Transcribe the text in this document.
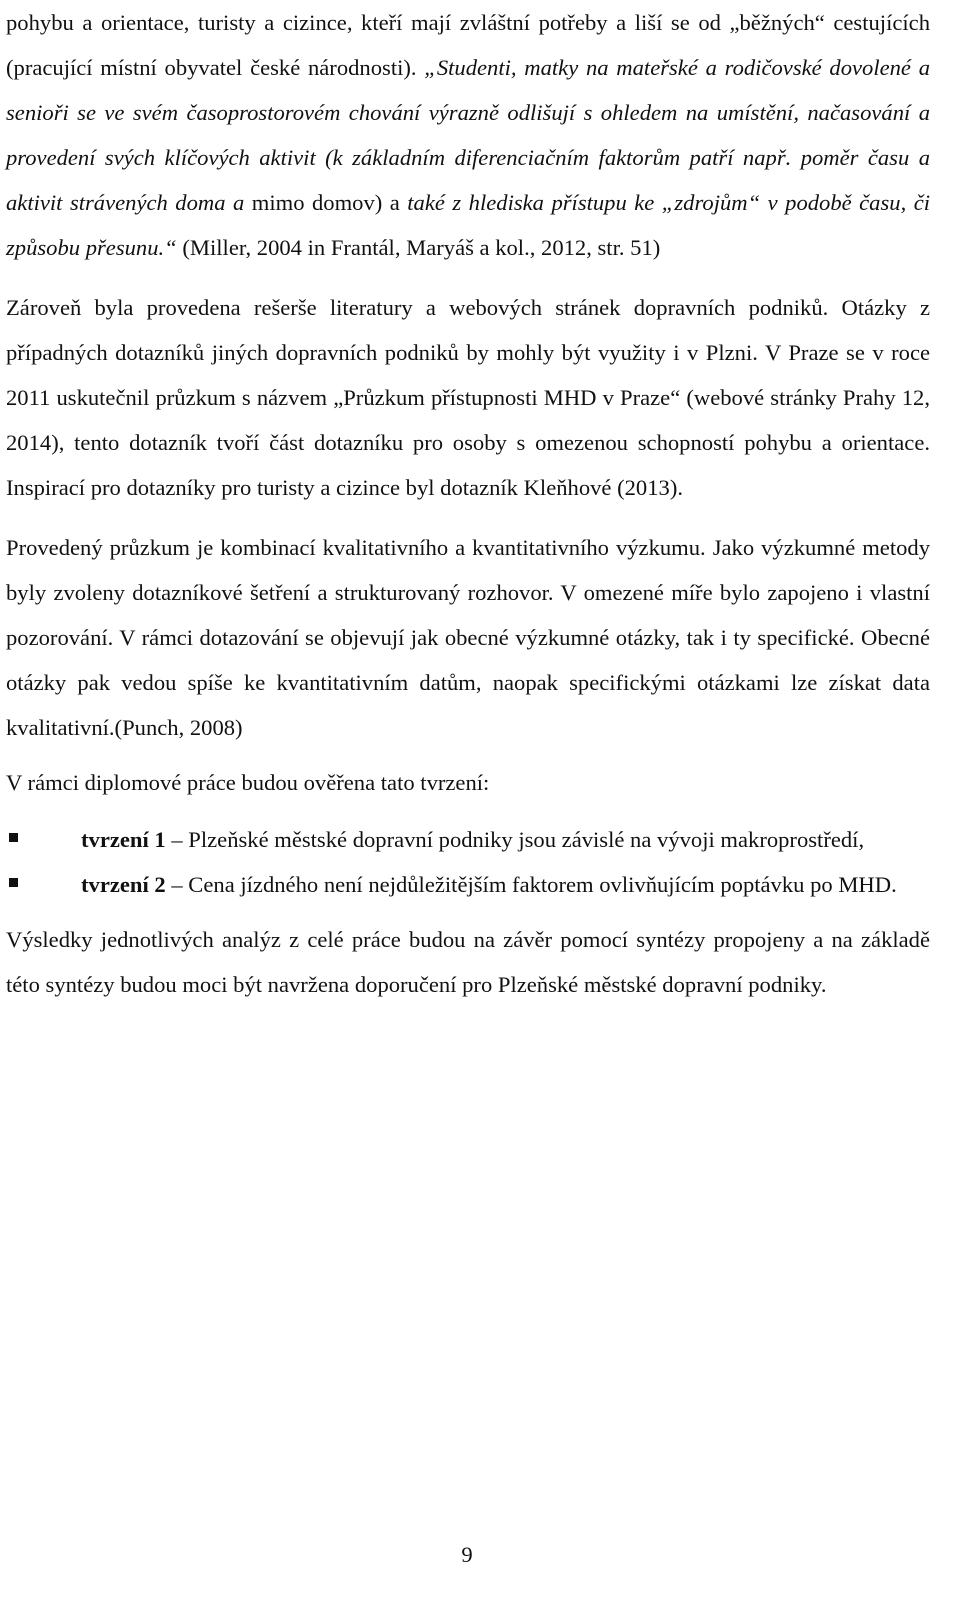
pohybu a orientace, turisty a cizince, kteří mají zvláštní potřeby a liší se od „běžných“ cestujících (pracující místní obyvatel české národnosti). „Studenti, matky na mateřské a rodičovské dovolené a senioři se ve svém časoprostorovém chování výrazně odlišují s ohledem na umístění, načasování a provedení svých klíčových aktivit (k základním diferenciačním faktorům patří např. poměr času a aktivit strávených doma a mimo domov) a také z hlediska přístupu ke „zdrojům“ v podobě času, či způsobu přesunu.“ (Miller, 2004 in Frantál, Maryáš a kol., 2012, str. 51)

Zároveň byla provedena rešerše literatury a webových stránek dopravních podniků. Otázky z případných dotazníků jiných dopravních podniků by mohly být využity i v Plzni. V Praze se v roce 2011 uskutečnil průzkum s názvem „Průzkum přístupnosti MHD v Praze“ (webové stránky Prahy 12, 2014), tento dotazník tvoří část dotazníku pro osoby s omezenou schopností pohybu a orientace. Inspirací pro dotazníky pro turisty a cizince byl dotazník Kleňhové (2013).

Provedený průzkum je kombinací kvalitativního a kvantitativního výzkumu. Jako výzkumné metody byly zvoleny dotazníkové šetření a strukturovaný rozhovor. V omezené míře bylo zapojeno i vlastní pozorování. V rámci dotazování se objevují jak obecné výzkumné otázky, tak i ty specifické. Obecné otázky pak vedou spíše ke kvantitativním datům, naopak specifickými otázkami lze získat data kvalitativní.(Punch, 2008)

V rámci diplomové práce budou ověřena tato tvrzení:

tvrzení 1 – Plzeňské městské dopravní podniky jsou závislé na vývoji makroprostředí,
tvrzení 2 – Cena jízdného není nejdůležitějším faktorem ovlivňujícím poptávku po MHD.

Výsledky jednotlivých analýz z celé práce budou na závěr pomocí syntézy propojeny a na základě této syntézy budou moci být navržena doporučení pro Plzeňské městské dopravní podniky.

9
